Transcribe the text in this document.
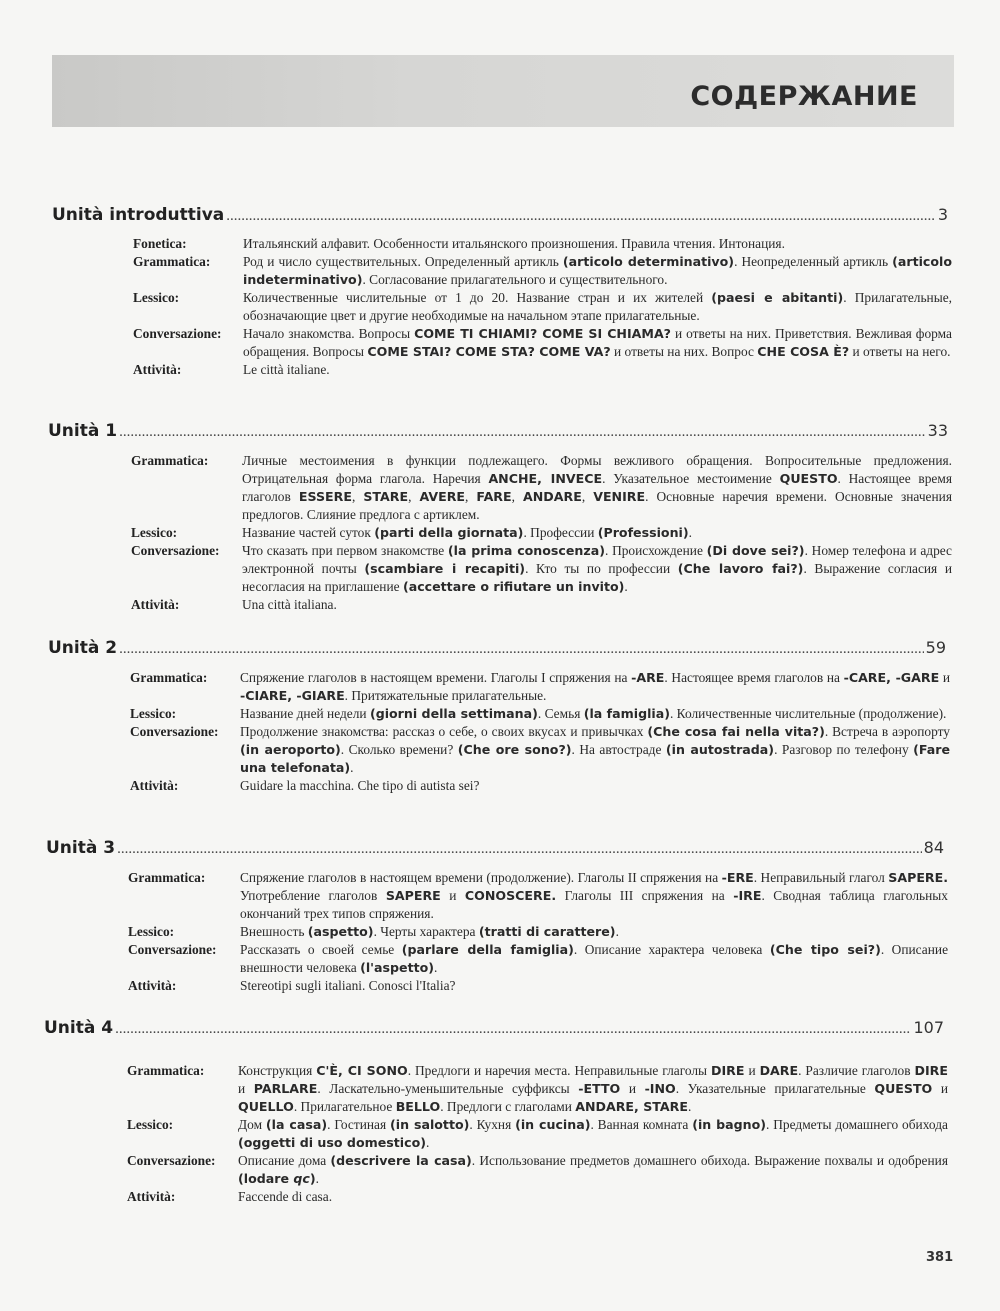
СОДЕРЖАНИЕ
Unità introduttiva .....	3
Fonetica:	Итальянский алфавит. Особенности итальянского произношения. Правила чтения. Интонация.
Grammatica:	Род и число существительных. Определенный артикль (articolo determinativo). Неопределенный артикль (articolo indeterminativo). Согласование прилагательного и существительного.
Lessico:	Количественные числительные от 1 до 20. Название стран и их жителей (paesi e abitanti). Прилагательные, обозначающие цвет и другие необходимые на начальном этапе прилагательные.
Conversazione:	Начало знакомства. Вопросы COME TI CHIAMI? COME SI CHIAMA? и ответы на них. Приветствия. Вежливая форма обращения. Вопросы COME STAI? COME STA? COME VA? и ответы на них. Вопрос CHE COSA È? и ответы на него.
Attività:	Le città italiane.
Unità 1 .....	33
Grammatica:	Личные местоимения в функции подлежащего. Формы вежливого обращения. Вопросительные предложения. Отрицательная форма глагола. Наречия ANCHE, INVECE. Указательное местоимение QUESTO. Настоящее время глаголов ESSERE, STARE, AVERE, FARE, ANDARE, VENIRE. Основные наречия времени. Основные значения предлогов. Слияние предлога с артиклем.
Lessico:	Название частей суток (parti della giornata). Профессии (Professioni).
Conversazione:	Что сказать при первом знакомстве (la prima conoscenza). Происхождение (Di dove sei?). Номер телефона и адрес электронной почты (scambiare i recapiti). Кто ты по профессии (Che lavoro fai?). Выражение согласия и несогласия на приглашение (accettare o rifiutare un invito).
Attività:	Una città italiana.
Unità 2 .....	59
Grammatica:	Спряжение глаголов в настоящем времени. Глаголы I спряжения на -ARE. Настоящее время глаголов на -CARE, -GARE и -CIARE, -GIARE. Притяжательные прилагательные.
Lessico:	Название дней недели (giorni della settimana). Семья (la famiglia). Количественные числительные (продолжение).
Conversazione:	Продолжение знакомства: рассказ о себе, о своих вкусах и привычках (Che cosa fai nella vita?). Встреча в аэропорту (in aeroporto). Сколько времени? (Che ore sono?). На автостраде (in autostrada). Разговор по телефону (Fare una telefonata).
Attività:	Guidare la macchina. Che tipo di autista sei?
Unità 3 .....	84
Grammatica:	Спряжение глаголов в настоящем времени (продолжение). Глаголы II спряжения на -ERE. Неправильный глагол SAPERE. Употребление глаголов SAPERE и CONOSCERE. Глаголы III спряжения на -IRE. Сводная таблица глагольных окончаний трех типов спряжения.
Lessico:	Внешность (aspetto). Черты характера (tratti di carattere).
Conversazione:	Рассказать о своей семье (parlare della famiglia). Описание характера человека (Che tipo sei?). Описание внешности человека (l'aspetto).
Attività:	Stereotipi sugli italiani. Conosci l'Italia?
Unità 4 .....	107
Grammatica:	Конструкция C'È, CI SONO. Предлоги и наречия места. Неправильные глаголы DIRE и DARE. Различие глаголов DIRE и PARLARE. Ласкательно-уменьшительные суффиксы -ETTO и -INO. Указательные прилагательные QUESTO и QUELLO. Прилагательное BELLO. Предлоги с глаголами ANDARE, STARE.
Lessico:	Дом (la casa). Гостиная (in salotto). Кухня (in cucina). Ванная комната (in bagno). Предметы домашнего обихода (oggetti di uso domestico).
Conversazione:	Описание дома (descrivere la casa). Использование предметов домашнего обихода. Выражение похвалы и одобрения (lodare qc).
Attività:	Faccende di casa.
381
